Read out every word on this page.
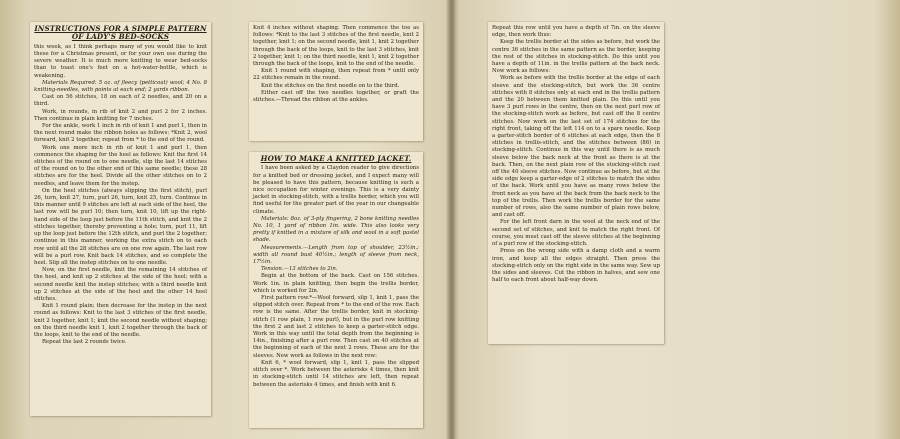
INSTRUCTIONS FOR A SIMPLE PATTERN OF LADY'S BED-SOCKS

this week, as I think perhaps many of you would like to knit these for a Christmas present, or for your own use during the severe weather. It is much more knitting to wear bed-socks than to toast one's feet on a hot-water-bottle, which is weakening.

Materials Required: 5 oz. of fleecy (petticoat) wool; 4 No. 8 knitting-needles, with points at each end; 2 yards ribbon.

Cast on 56 stitches, 18 on each of 2 needles, and 20 on a third.

Work, in rounds, in rib of knit 2 and purl 2 for 2 inches. Then continue in plain knitting for 7 inches.

For the ankle, work 1 inch in rib of knit 1 and purl 1, then in the next round make the ribbon holes as follows: *Knit 2, wool forward, knit 2 together, repeat from * to the end of the round.

Work one more inch in rib of knit 1 and purl 1, then commence the shaping for the heel as follows: Knit the first 14 stitches of the round on to one needle, slip the last 14 stitches of the round on to the other end of this same needle; these 28 stitches are for the heel. Divide all the other stitches on to 2 needles, and leave them for the instep.

On the heel stitches (always slipping the first stitch), purl 26, turn, knit 27, turn, purl 26, turn, knit 25, turn. Continue in this manner until 9 stitches are left at each side of the heel, the last row will be purl 10; then turn, knit 10, lift up the right-hand side of the loop just before the 11th stitch, and knit the 2 stitches together, thereby preventing a hole; turn, purl 11, lift up the loop just before the 12th stitch, and purl the 2 together; continue in this manner, working the extra stitch on to each row until all the 28 stitches are on one row again. The last row will be a purl row. Knit back 14 stitches, and so complete the heel. Slip all the instep stitches on to one needle.

Now, on the first needle, knit the remaining 14 stitches of the heel, and knit up 2 stitches at the side of the heel; with a second needle knit the instep stitches; with a third needle knit up 2 stitches at the side of the heel and the other 14 heel stitches.

Knit 1 round plain; then decrease for the instep in the next round as follows: Knit to the last 3 stitches of the first needle, knit 2 together, knit 1; knit the second needle without shaping; on the third needle knit 1, knit 2 together through the back of the loops, knit to the end of the needle.

Repeat the last 2 rounds twice.

Knit 4 inches without shaping. Then commence the toe as follows: *Knit to the last 3 stitches of the first needle, knit 2 together, knit 1; on the second needle, knit 1, knit 2 together through the back of the loops, knit to the last 3 stitches, knit 2 together, knit 1; on the third needle, knit 1, knit 2 together through the back of the loops, knit to the end of the needle.

Knit 1 round with shaping, then repeat from * until only 22 stitches remain in the round.

Knit the stitches on the first needle on to the third.

Either cast off the two needles together, or graft the stitches.—Thread the ribbon at the ankles.

HOW TO MAKE A KNITTED JACKET.

I have been asked by a Claydon reader to give directions for a knitted bed or dressing jacket, and I expect many will be pleased to have this pattern, because knitting is such a nice occupation for winter evenings. This is a very dainty jacket in stocking-stitch, with a trellis border, which you will find useful for the greater part of the year in our changeable climate.

Materials: 8oz. of 3-ply fingering, 2 bone knitting needles No. 10, 1 yard of ribbon 1in. wide. This also looks very pretty if knitted in a mixture of silk and wool in a soft pastel shade.

Measurements.—Length from top of shoulder, 23½in.; width all round bust 40½in.; length of sleeve from neck, 17½in.

Tension.—13 stitches to 2in.

Begin at the bottom of the back. Cast on 156 stitches. Work 1in. in plain knitting, then begin the trellis border, which is worked for 2in.

First pattern row.*—Wool forward, slip 1, knit 1, pass the slipped stitch over. Repeat from * to the end of the row. Each row is the same. After the trellis border, knit in stocking-stitch (1 row plain, 1 row purl), but in the purl row knitting the first 2 and last 2 stitches to keep a garter-stitch edge. Work in this way until the total depth from the beginning is 14in., finishing after a purl row. Then cast on 40 stitches at the beginning of each of the next 2 rows. These are for the sleeves. New work as follows in the next row:

Knit 6, * wool forward, slip 1, knit 1, pass the slipped stitch over *. Work between the asterisks 4 times, then knit in stocking-stitch until 14 stitches are left, then repeat between the asterisks 4 times, and finish with knit 6.

Repeat this row until you have a depth of 7in. on the sleeve edge, then work thus:

Keep the trellis border at the sides as before, but work the centre 36 stitches in the same pattern as the border, keeping the rest of the stitches in stocking-stitch. Do this until you have a depth of 11in. in the trellis pattern at the back neck. Now work as follows:

Work as before with the trellis border at the edge of each sleeve and the stocking-stitch, but work the 36 centre stitches with 8 stitches only at each end in the trellis pattern and the 20 between them knitted plain. Do this until you have 3 purl rows in the centre, then on the next purl row of the stocking-stitch work as before, but cast off the 8 centre stitches. Now work on the last set of 174 stitches for the right front, taking off the left 114 on to a spare needle. Keep a garter-stitch border of 6 stitches at each edge, then the 8 stitches in trellis-stitch, and the stitches between (86) in stocking-stitch. Continue in this way until there is as much sleeve below the back neck at the front as there is at the back. Then, on the next plain row of the stocking-stitch cast off the 40 sleeve stitches. Now continue as before, but at the side edge keep a garter-edge of 2 stitches to match the sides of the back. Work until you have as many rows below the front neck as you have at the back from the back neck to the top of the trellis. Then work the trellis border for the same number of rows, also the same number of plain rows below, and cast off.

For the left front darn in the wool at the neck end of the second set of stitches, and knit to match the right front. Of course, you must cast off the sleeve stitches at the beginning of a purl row of the stocking-stitch.

Press on the wrong side with a damp cloth and a warm iron, and keep all the edges straight. Then press the stocking-stitch only on the right side in the same way. Sew up the sides and sleeves. Cut the ribbon in halves, and sew one half to each front about half-way down.
